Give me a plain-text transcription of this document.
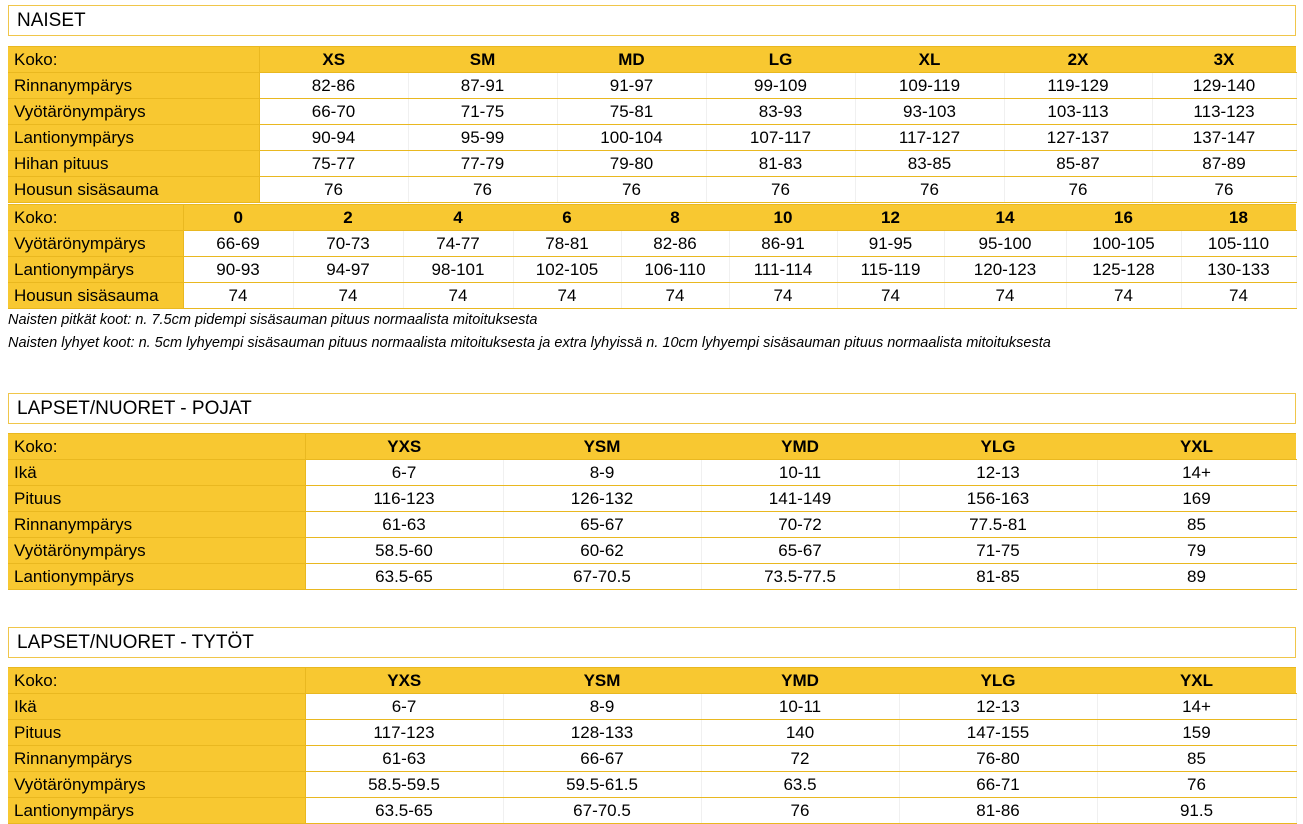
NAISET
Koko:	XS	SM	MD	LG	XL	2X	3X
Rinnanympärys	82-86	87-91	91-97	99-109	109-119	119-129	129-140
Vyötärönympärys	66-70	71-75	75-81	83-93	93-103	103-113	113-123
Lantionympärys	90-94	95-99	100-104	107-117	117-127	127-137	137-147
Hihan pituus	75-77	77-79	79-80	81-83	83-85	85-87	87-89
Housun sisäsauma	76	76	76	76	76	76	76
Koko:	0	2	4	6	8	10	12	14	16	18
Vyötärönympärys	66-69	70-73	74-77	78-81	82-86	86-91	91-95	95-100	100-105	105-110
Lantionympärys	90-93	94-97	98-101	102-105	106-110	111-114	115-119	120-123	125-128	130-133
Housun sisäsauma	74	74	74	74	74	74	74	74	74	74
Naisten pitkät koot: n. 7.5cm pidempi sisäsauman pituus normaalista mitoituksesta
Naisten lyhyet koot: n. 5cm lyhyempi sisäsauman pituus normaalista mitoituksesta ja extra lyhyissä n. 10cm lyhyempi sisäsauman pituus normaalista mitoituksesta
LAPSET/NUORET - POJAT
Koko:	YXS	YSM	YMD	YLG	YXL
Ikä	6-7	8-9	10-11	12-13	14+
Pituus	116-123	126-132	141-149	156-163	169
Rinnanympärys	61-63	65-67	70-72	77.5-81	85
Vyötärönympärys	58.5-60	60-62	65-67	71-75	79
Lantionympärys	63.5-65	67-70.5	73.5-77.5	81-85	89
LAPSET/NUORET - TYTÖT
Koko:	YXS	YSM	YMD	YLG	YXL
Ikä	6-7	8-9	10-11	12-13	14+
Pituus	117-123	128-133	140	147-155	159
Rinnanympärys	61-63	66-67	72	76-80	85
Vyötärönympärys	58.5-59.5	59.5-61.5	63.5	66-71	76
Lantionympärys	63.5-65	67-70.5	76	81-86	91.5
